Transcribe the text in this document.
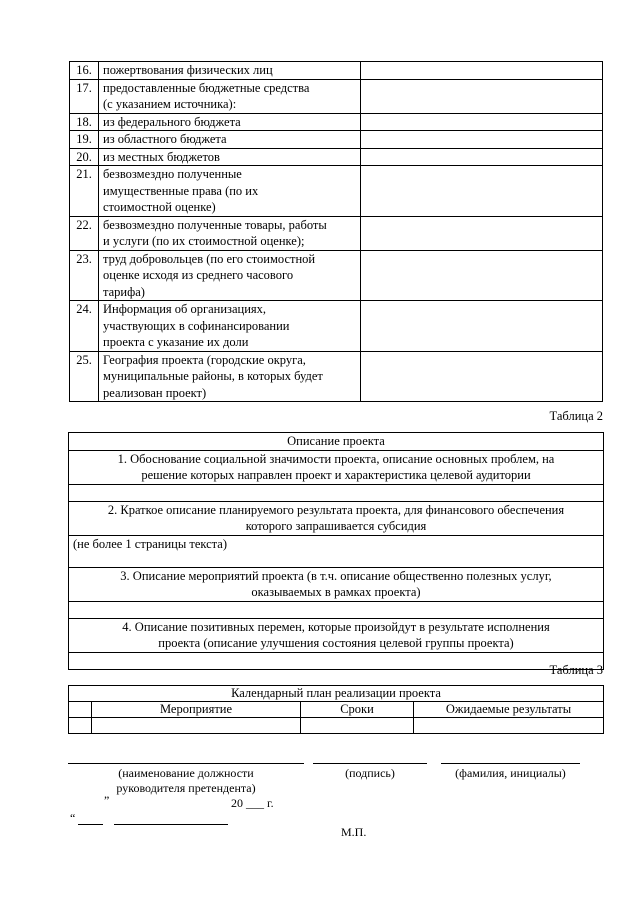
16.	пожертвования физических лиц	

17.	предоставленные бюджетные средства
(с указанием источника):	

18.	из федерального бюджета	

19.	из областного бюджета	

20.	из местных бюджетов	

21.	безвозмездно полученные
имущественные права (по их
стоимостной оценке)	

22.	безвозмездно полученные товары, работы
и услуги (по их стоимостной оценке);	

23.	труд добровольцев (по его стоимостной
оценке исходя из среднего часового
тарифа)	

24.	Информация об организациях,
участвующих в софинансировании
проекта с указание их доли	

25.	География проекта (городские округа,
муниципальные районы, в которых будет
реализован проект)	

Таблица 2
Описание проекта

1. Обоснование социальной значимости проекта, описание основных проблем, на
решение которых направлен проект и характеристика целевой аудитории

2. Краткое описание планируемого результата проекта, для финансового обеспечения
которого запрашивается субсидия

(не более 1 страницы текста)

3. Описание мероприятий проекта (в т.ч. описание общественно полезных услуг,
оказываемых в рамках проекта)

4. Описание позитивных перемен, которые произойдут в результате исполнения
проекта (описание улучшения состояния целевой группы проекта)

Таблица 3
Календарный план реализации проекта			
	Мероприятие	Сроки	Ожидаемые результаты

(наименование должности
руководителя претендента)
(подпись)	(фамилия, инициалы)
”	20 ___ г.
“
М.П.
